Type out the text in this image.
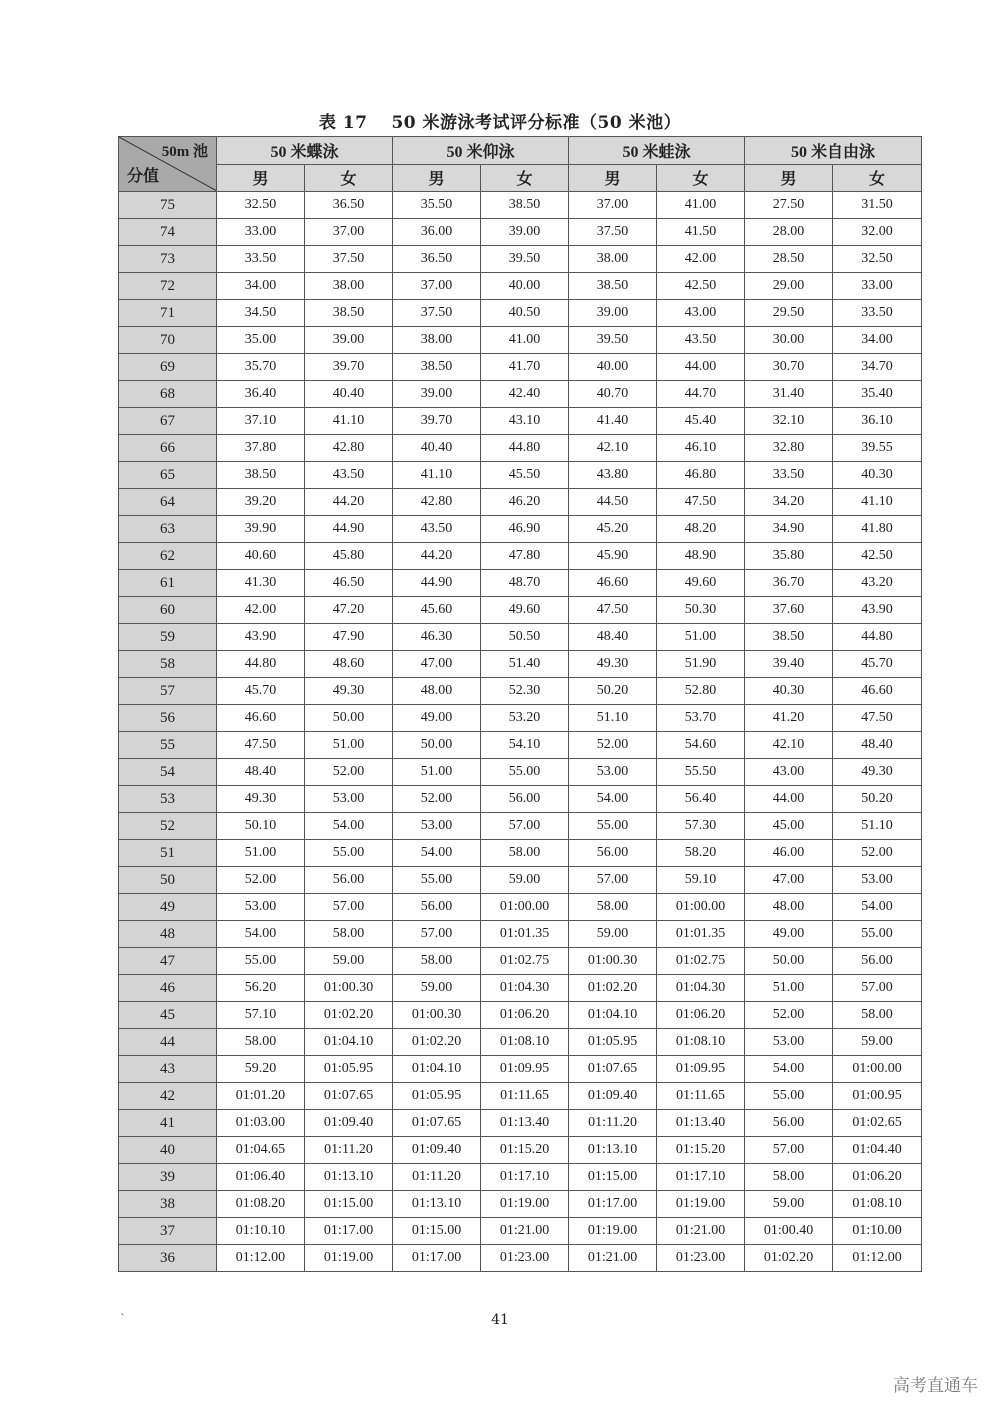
表 17 50 米游泳考试评分标准（50 米池）
50m 池
分值	50 米蝶泳		50 米仰泳		50 米蛙泳		50 米自由泳	
	男	女	男	女	男	女	男	女
75	32.50	36.50	35.50	38.50	37.00	41.00	27.50	31.50
74	33.00	37.00	36.00	39.00	37.50	41.50	28.00	32.00
73	33.50	37.50	36.50	39.50	38.00	42.00	28.50	32.50
72	34.00	38.00	37.00	40.00	38.50	42.50	29.00	33.00
71	34.50	38.50	37.50	40.50	39.00	43.00	29.50	33.50
70	35.00	39.00	38.00	41.00	39.50	43.50	30.00	34.00
69	35.70	39.70	38.50	41.70	40.00	44.00	30.70	34.70
68	36.40	40.40	39.00	42.40	40.70	44.70	31.40	35.40
67	37.10	41.10	39.70	43.10	41.40	45.40	32.10	36.10
66	37.80	42.80	40.40	44.80	42.10	46.10	32.80	39.55
65	38.50	43.50	41.10	45.50	43.80	46.80	33.50	40.30
64	39.20	44.20	42.80	46.20	44.50	47.50	34.20	41.10
63	39.90	44.90	43.50	46.90	45.20	48.20	34.90	41.80
62	40.60	45.80	44.20	47.80	45.90	48.90	35.80	42.50
61	41.30	46.50	44.90	48.70	46.60	49.60	36.70	43.20
60	42.00	47.20	45.60	49.60	47.50	50.30	37.60	43.90
59	43.90	47.90	46.30	50.50	48.40	51.00	38.50	44.80
58	44.80	48.60	47.00	51.40	49.30	51.90	39.40	45.70
57	45.70	49.30	48.00	52.30	50.20	52.80	40.30	46.60
56	46.60	50.00	49.00	53.20	51.10	53.70	41.20	47.50
55	47.50	51.00	50.00	54.10	52.00	54.60	42.10	48.40
54	48.40	52.00	51.00	55.00	53.00	55.50	43.00	49.30
53	49.30	53.00	52.00	56.00	54.00	56.40	44.00	50.20
52	50.10	54.00	53.00	57.00	55.00	57.30	45.00	51.10
51	51.00	55.00	54.00	58.00	56.00	58.20	46.00	52.00
50	52.00	56.00	55.00	59.00	57.00	59.10	47.00	53.00
49	53.00	57.00	56.00	01:00.00	58.00	01:00.00	48.00	54.00
48	54.00	58.00	57.00	01:01.35	59.00	01:01.35	49.00	55.00
47	55.00	59.00	58.00	01:02.75	01:00.30	01:02.75	50.00	56.00
46	56.20	01:00.30	59.00	01:04.30	01:02.20	01:04.30	51.00	57.00
45	57.10	01:02.20	01:00.30	01:06.20	01:04.10	01:06.20	52.00	58.00
44	58.00	01:04.10	01:02.20	01:08.10	01:05.95	01:08.10	53.00	59.00
43	59.20	01:05.95	01:04.10	01:09.95	01:07.65	01:09.95	54.00	01:00.00
42	01:01.20	01:07.65	01:05.95	01:11.65	01:09.40	01:11.65	55.00	01:00.95
41	01:03.00	01:09.40	01:07.65	01:13.40	01:11.20	01:13.40	56.00	01:02.65
40	01:04.65	01:11.20	01:09.40	01:15.20	01:13.10	01:15.20	57.00	01:04.40
39	01:06.40	01:13.10	01:11.20	01:17.10	01:15.00	01:17.10	58.00	01:06.20
38	01:08.20	01:15.00	01:13.10	01:19.00	01:17.00	01:19.00	59.00	01:08.10
37	01:10.10	01:17.00	01:15.00	01:21.00	01:19.00	01:21.00	01:00.40	01:10.00
36	01:12.00	01:19.00	01:17.00	01:23.00	01:21.00	01:23.00	01:02.20	01:12.00
`	41
高考直通车
